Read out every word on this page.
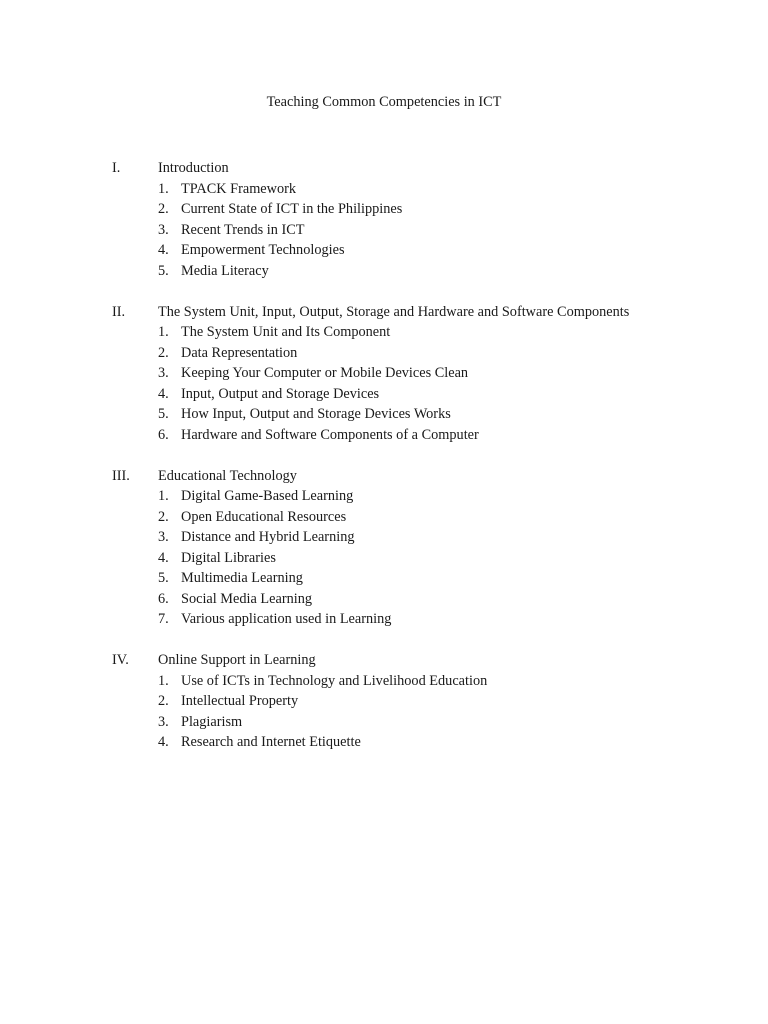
Teaching Common Competencies in ICT
I.	Introduction
1. TPACK Framework
2. Current State of ICT in the Philippines
3. Recent Trends in ICT
4. Empowerment Technologies
5. Media Literacy
II.	The System Unit, Input, Output, Storage and Hardware and Software Components
1. The System Unit and Its Component
2. Data Representation
3. Keeping Your Computer or Mobile Devices Clean
4. Input, Output and Storage Devices
5. How Input, Output and Storage Devices Works
6. Hardware and Software Components of a Computer
III.	Educational Technology
1. Digital Game-Based Learning
2. Open Educational Resources
3. Distance and Hybrid Learning
4. Digital Libraries
5. Multimedia Learning
6. Social Media Learning
7. Various application used in Learning
IV.	Online Support in Learning
1. Use of ICTs in Technology and Livelihood Education
2. Intellectual Property
3. Plagiarism
4. Research and Internet Etiquette
